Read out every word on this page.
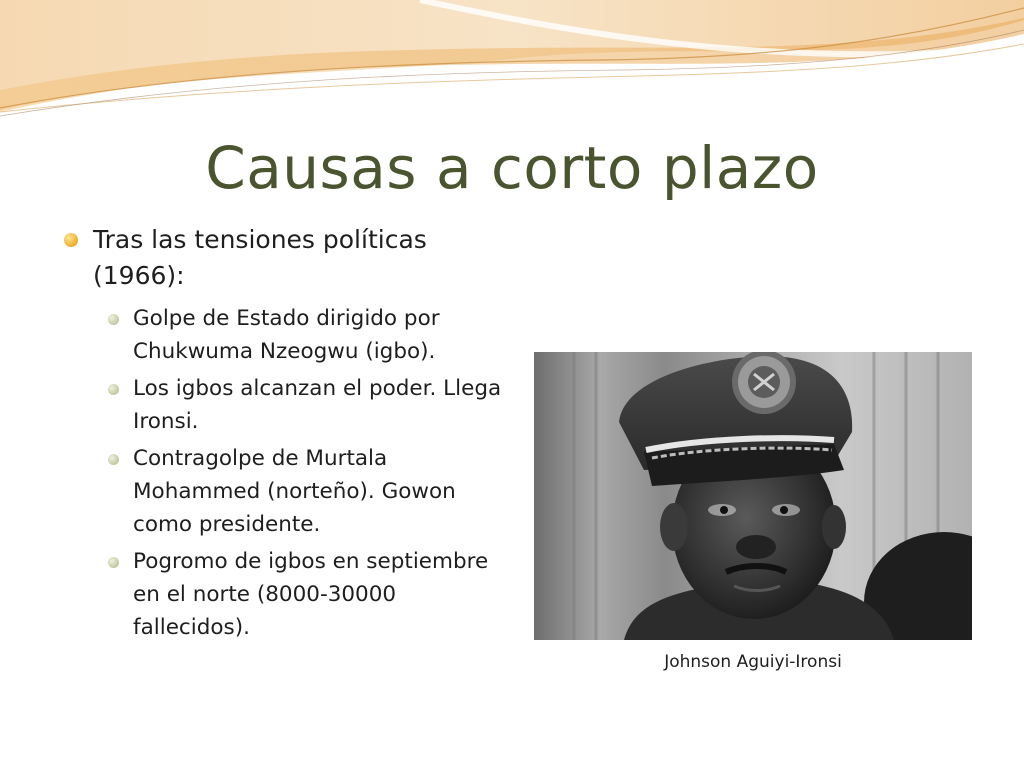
Causas a corto plazo
Tras las tensiones políticas (1966):
Golpe de Estado dirigido por Chukwuma Nzeogwu (igbo).
Los igbos alcanzan el poder. Llega Ironsi.
Contragolpe de Murtala Mohammed (norteño). Gowon como presidente.
Pogromo de igbos en septiembre en el norte (8000-30000 fallecidos).
Johnson Aguiyi-Ironsi
